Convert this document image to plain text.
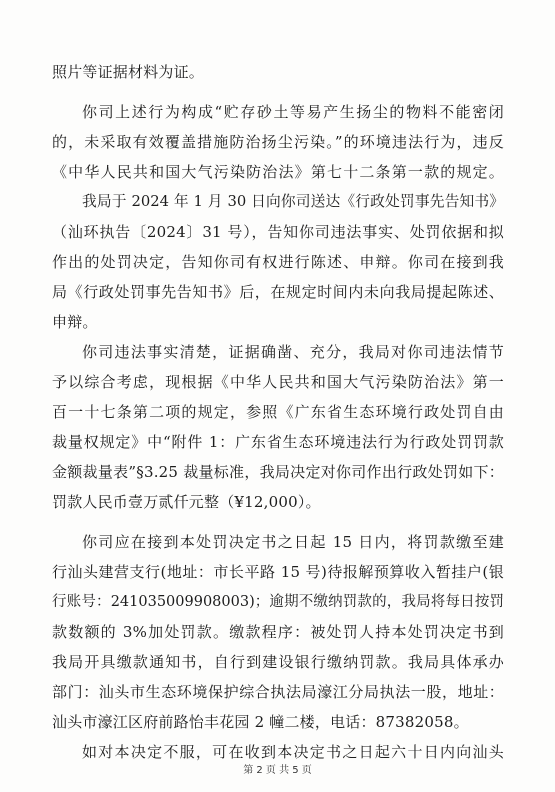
照片等证据材料为证。
你司上述行为构成“贮存砂土等易产生扬尘的物料不能密闭
的，未采取有效覆盖措施防治扬尘污染。”的环境违法行为，违反
《中华人民共和国大气污染防治法》第七十二条第一款的规定。
我局于 2024 年 1 月 30 日向你司送达《行政处罚事先告知书》
（汕环执告〔2024〕31 号），告知你司违法事实、处罚依据和拟
作出的处罚决定，告知你司有权进行陈述、申辩。你司在接到我
局《行政处罚事先告知书》后，在规定时间内未向我局提起陈述、
申辩。
你司违法事实清楚，证据确凿、充分，我局对你司违法情节
予以综合考虑，现根据《中华人民共和国大气污染防治法》第一
百一十七条第二项的规定，参照《广东省生态环境行政处罚自由
裁量权规定》中“附件 1：广东省生态环境违法行为行政处罚罚款
金额裁量表”§3.25 裁量标准，我局决定对你司作出行政处罚如下：
罚款人民币壹万贰仟元整（¥12,000）。
你司应在接到本处罚决定书之日起 15 日内，将罚款缴至建
行汕头建营支行(地址：市长平路 15 号)待报解预算收入暂挂户(银
行账号：241035009908003)；逾期不缴纳罚款的，我局将每日按罚
款数额的 3%加处罚款。缴款程序：被处罚人持本处罚决定书到
我局开具缴款通知书，自行到建设银行缴纳罚款。我局具体承办
部门：汕头市生态环境保护综合执法局濠江分局执法一股，地址：
汕头市濠江区府前路怡丰花园 2 幢二楼，电话：87382058。
如对本决定不服，可在收到本决定书之日起六十日内向汕头
第 2 页 共 5 页
